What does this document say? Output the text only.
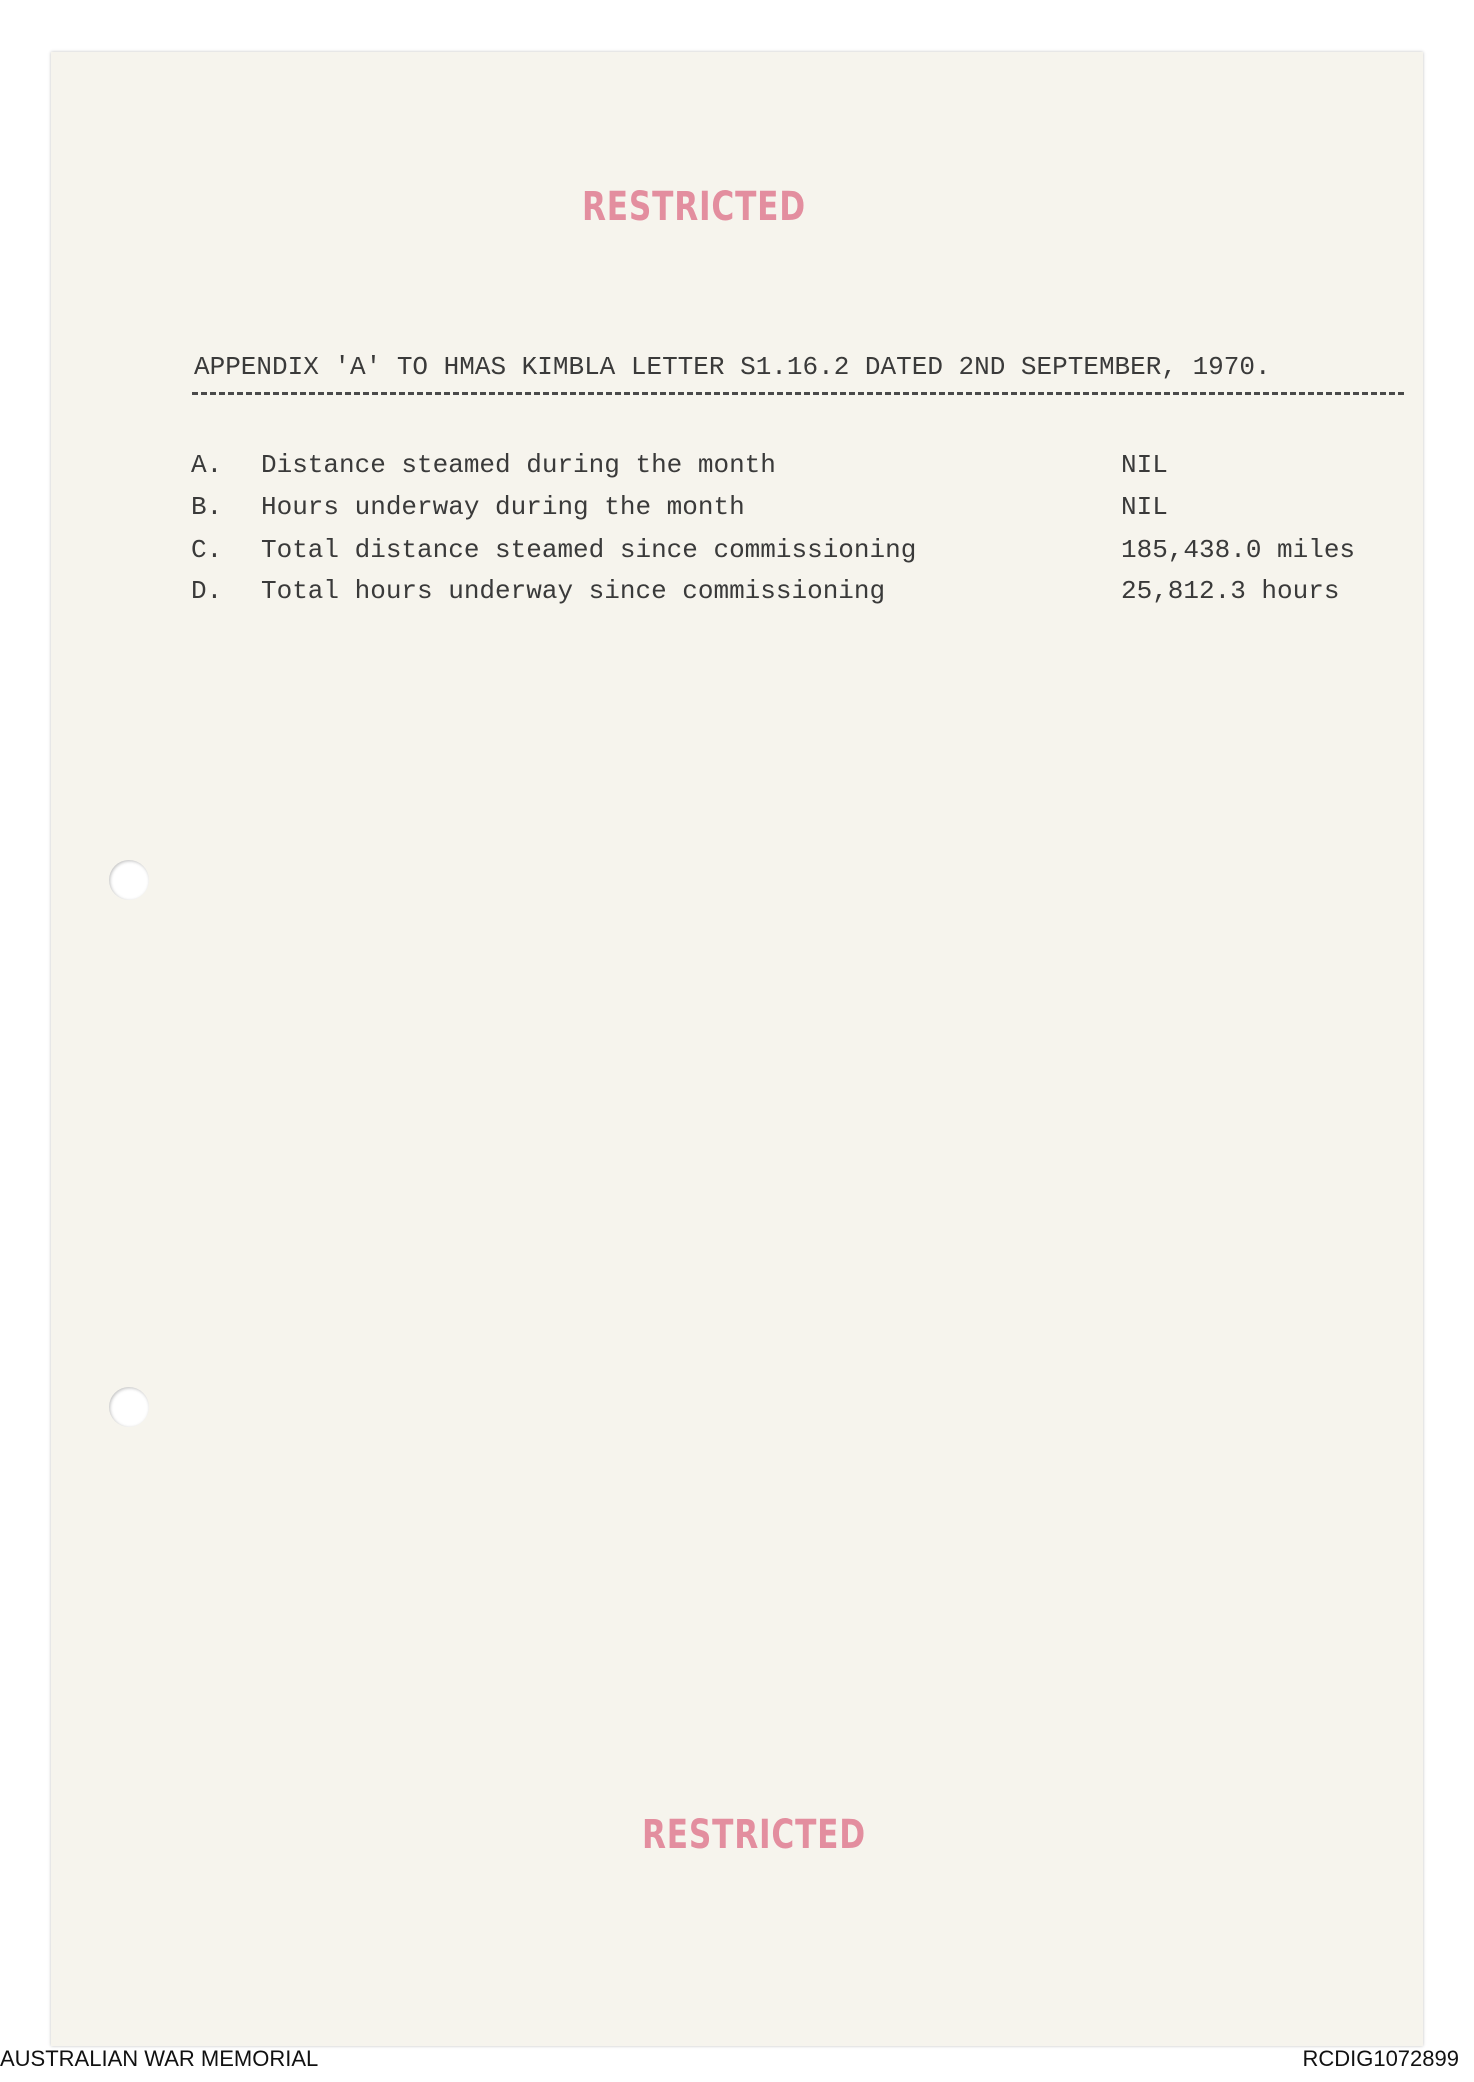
RESTRICTED
APPENDIX 'A' TO HMAS KIMBLA LETTER S1.16.2 DATED 2ND SEPTEMBER, 1970.
A. Distance steamed during the month	NIL
B. Hours underway during the month	NIL
C. Total distance steamed since commissioning	185,438.0 miles
D. Total hours underway since commissioning	25,812.3 hours
RESTRICTED
AUSTRALIAN WAR MEMORIAL	RCDIG1072899
